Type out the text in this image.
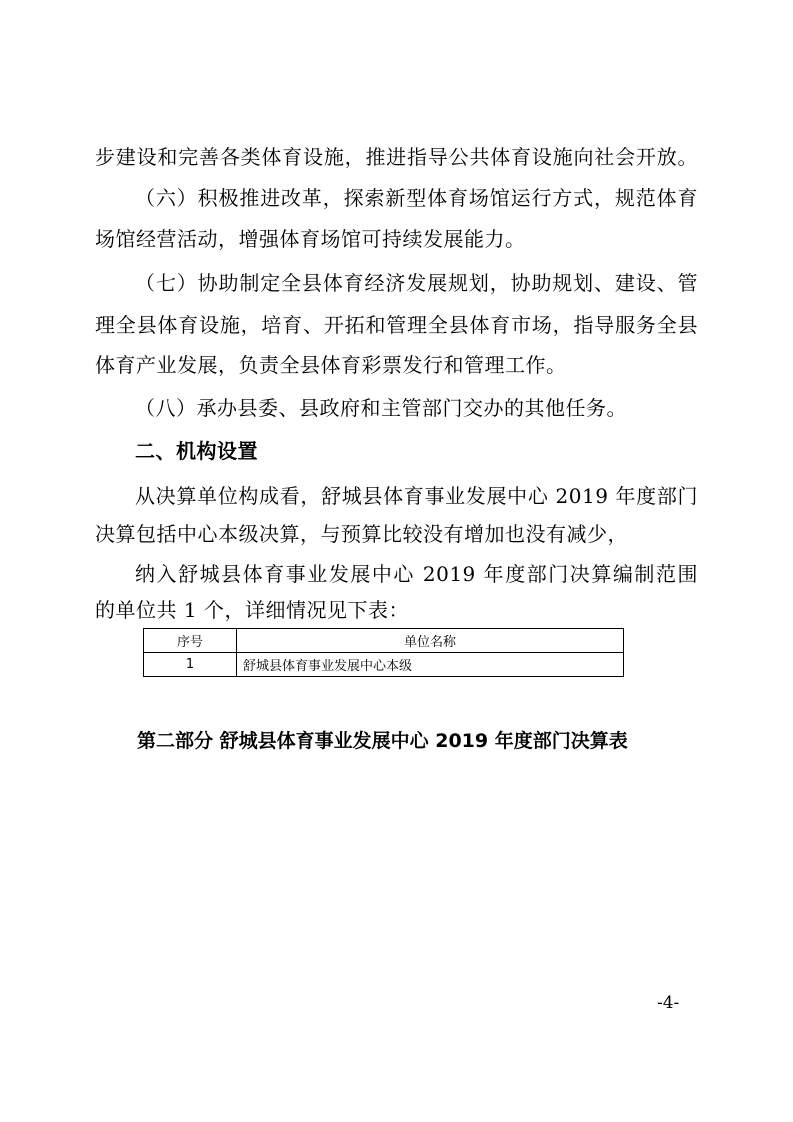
步建设和完善各类体育设施，推进指导公共体育设施向社会开放。
（六）积极推进改革，探索新型体育场馆运行方式，规范体育
场馆经营活动，增强体育场馆可持续发展能力。
（七）协助制定全县体育经济发展规划，协助规划、建设、管
理全县体育设施，培育、开拓和管理全县体育市场，指导服务全县
体育产业发展，负责全县体育彩票发行和管理工作。
（八）承办县委、县政府和主管部门交办的其他任务。
二、机构设置
从决算单位构成看，舒城县体育事业发展中心 2019 年度部门
决算包括中心本级决算，与预算比较没有增加也没有减少，
纳入舒城县体育事业发展中心 2019 年度部门决算编制范围
的单位共 1 个，详细情况见下表：
序号	单位名称
1	舒城县体育事业发展中心本级
第二部分 舒城县体育事业发展中心 2019 年度部门决算表
-4-
